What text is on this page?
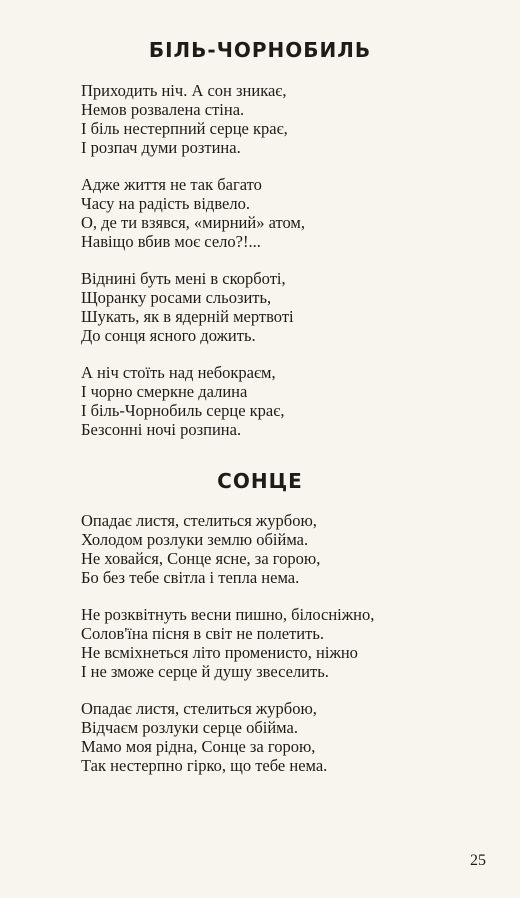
БІЛЬ-ЧОРНОБИЛЬ
Приходить ніч. А сон зникає,
Немов розвалена стіна.
І біль нестерпний серце крає,
І розпач думи розтина.
Адже життя не так багато
Часу на радість відвело.
О, де ти взявся, «мирний» атом,
Навіщо вбив моє село?!...
Віднині буть мені в скорботі,
Щоранку росами сльозить,
Шукать, як в ядерній мертвоті
До сонця ясного дожить.
А ніч стоїть над небокраєм,
І чорно смеркне далина
І біль-Чорнобиль серце крає,
Безсонні ночі розпина.
СОНЦЕ
Опадає листя, стелиться журбою,
Холодом розлуки землю обійма.
Не ховайся, Сонце ясне, за горою,
Бо без тебе світла і тепла нема.
Не розквітнуть весни пишно, білосніжно,
Солов'їна пісня в світ не полетить.
Не всміхнеться літо променисто, ніжно
І не зможе серце й душу звеселить.
Опадає листя, стелиться журбою,
Відчаєм розлуки серце обійма.
Мамо моя рідна, Сонце за горою,
Так нестерпно гірко, що тебе нема.

25
